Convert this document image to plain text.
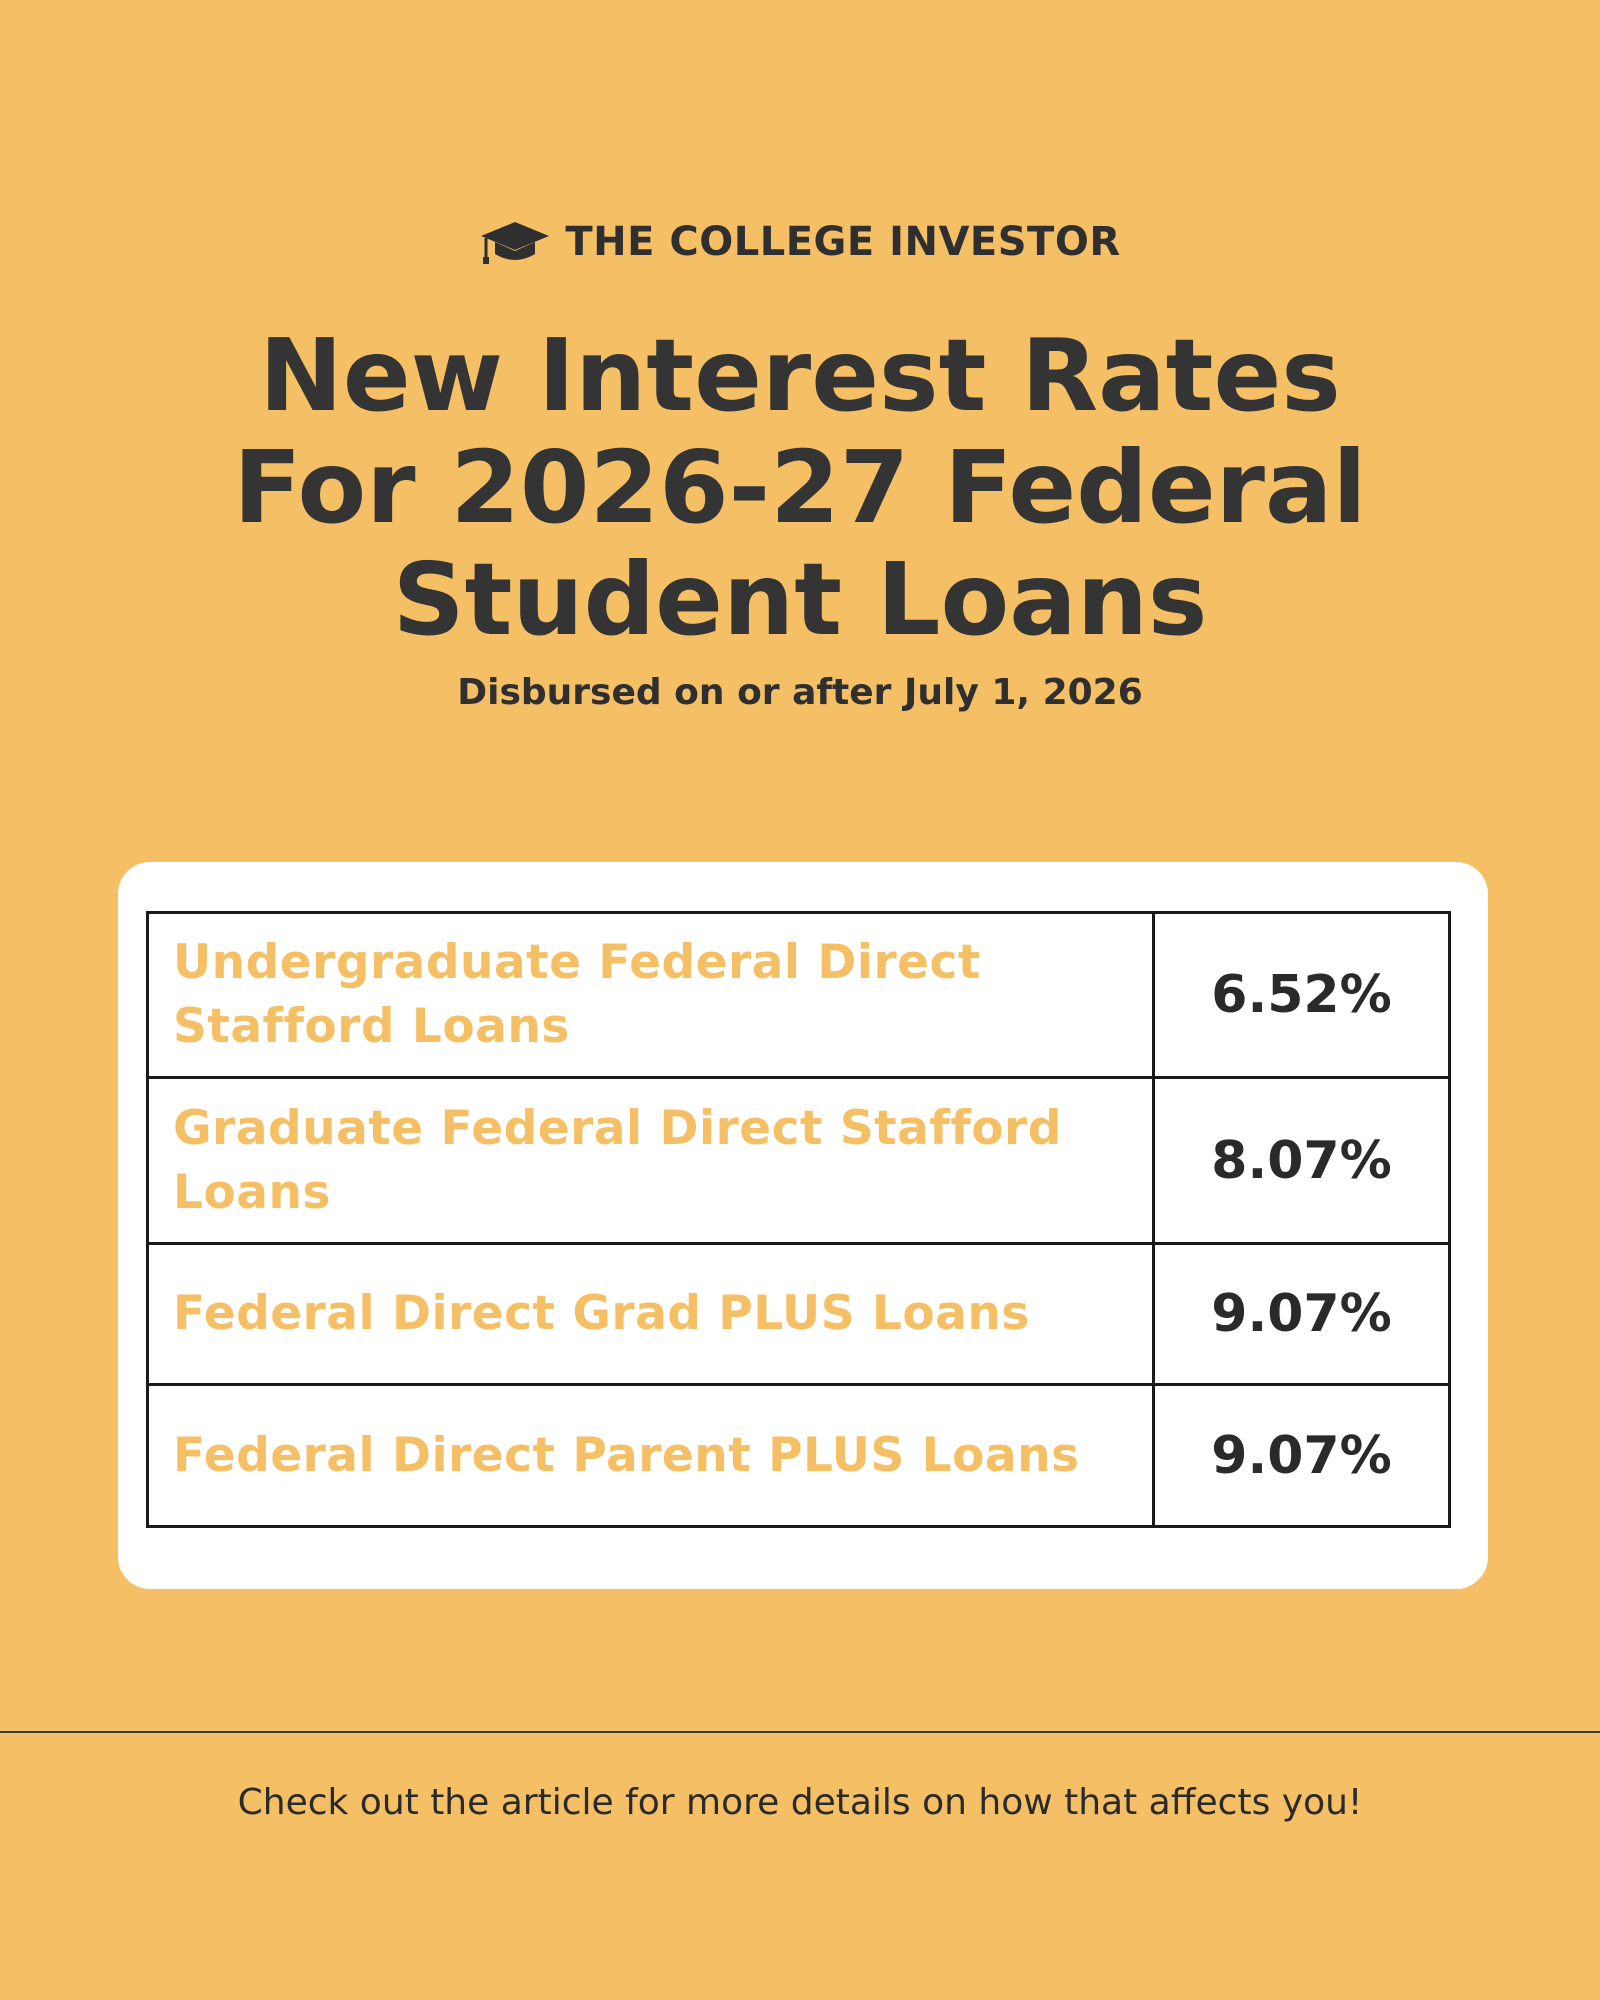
THE COLLEGE INVESTOR
New Interest Rates
For 2026-27 Federal
Student Loans
Disbursed on or after July 1, 2026
Undergraduate Federal Direct Stafford Loans	6.52%
Graduate Federal Direct Stafford Loans	8.07%
Federal Direct Grad PLUS Loans	9.07%
Federal Direct Parent PLUS Loans	9.07%
Check out the article for more details on how that affects you!
